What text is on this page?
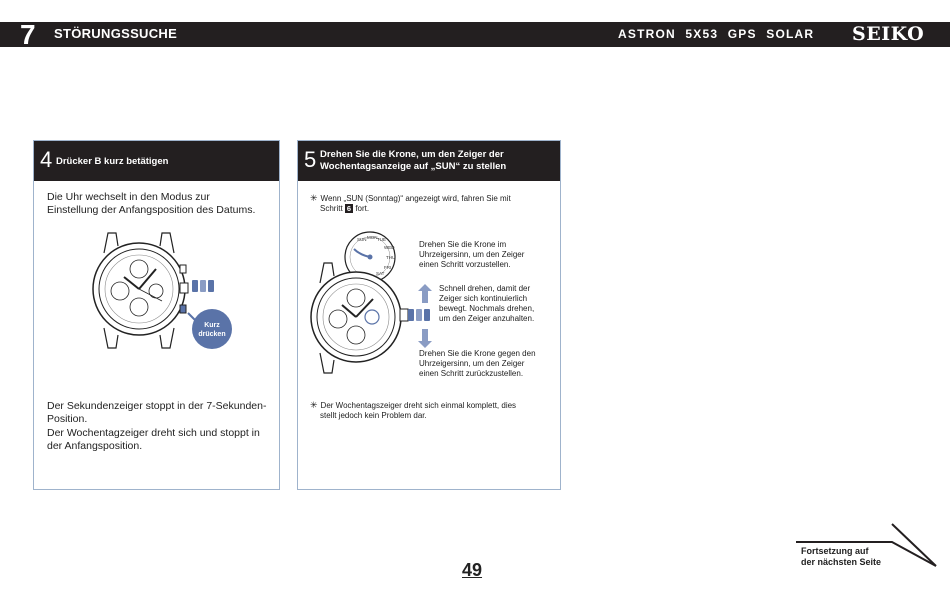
7 STÖRUNGSSUCHE	ASTRON 5X53 GPS SOLAR SEIKO
4 Drücker B kurz betätigen
Die Uhr wechselt in den Modus zur
Einstellung der Anfangsposition des Datums.
Kurz
drücken
Der Sekundenzeiger stoppt in der 7-Sekunden-
Position.
Der Wochentagzeiger dreht sich und stoppt in
der Anfangsposition.
5 Drehen Sie die Krone, um den Zeiger der
Wochentagsanzeige auf „SUN“ zu stellen
✳ Wenn „SUN (Sonntag)“ angezeigt wird, fahren Sie mit
Schritt 6 fort.
SUN MON TUE
WED
THU
FRI
SAT
Drehen Sie die Krone im
Uhrzeigersinn, um den Zeiger
einen Schritt vorzustellen.
Schnell drehen, damit der
Zeiger sich kontinuierlich
bewegt. Nochmals drehen,
um den Zeiger anzuhalten.
Drehen Sie die Krone gegen den
Uhrzeigersinn, um den Zeiger
einen Schritt zurückzustellen.
✳ Der Wochentagszeiger dreht sich einmal komplett, dies
stellt jedoch kein Problem dar.
49
Fortsetzung auf
der nächsten Seite
